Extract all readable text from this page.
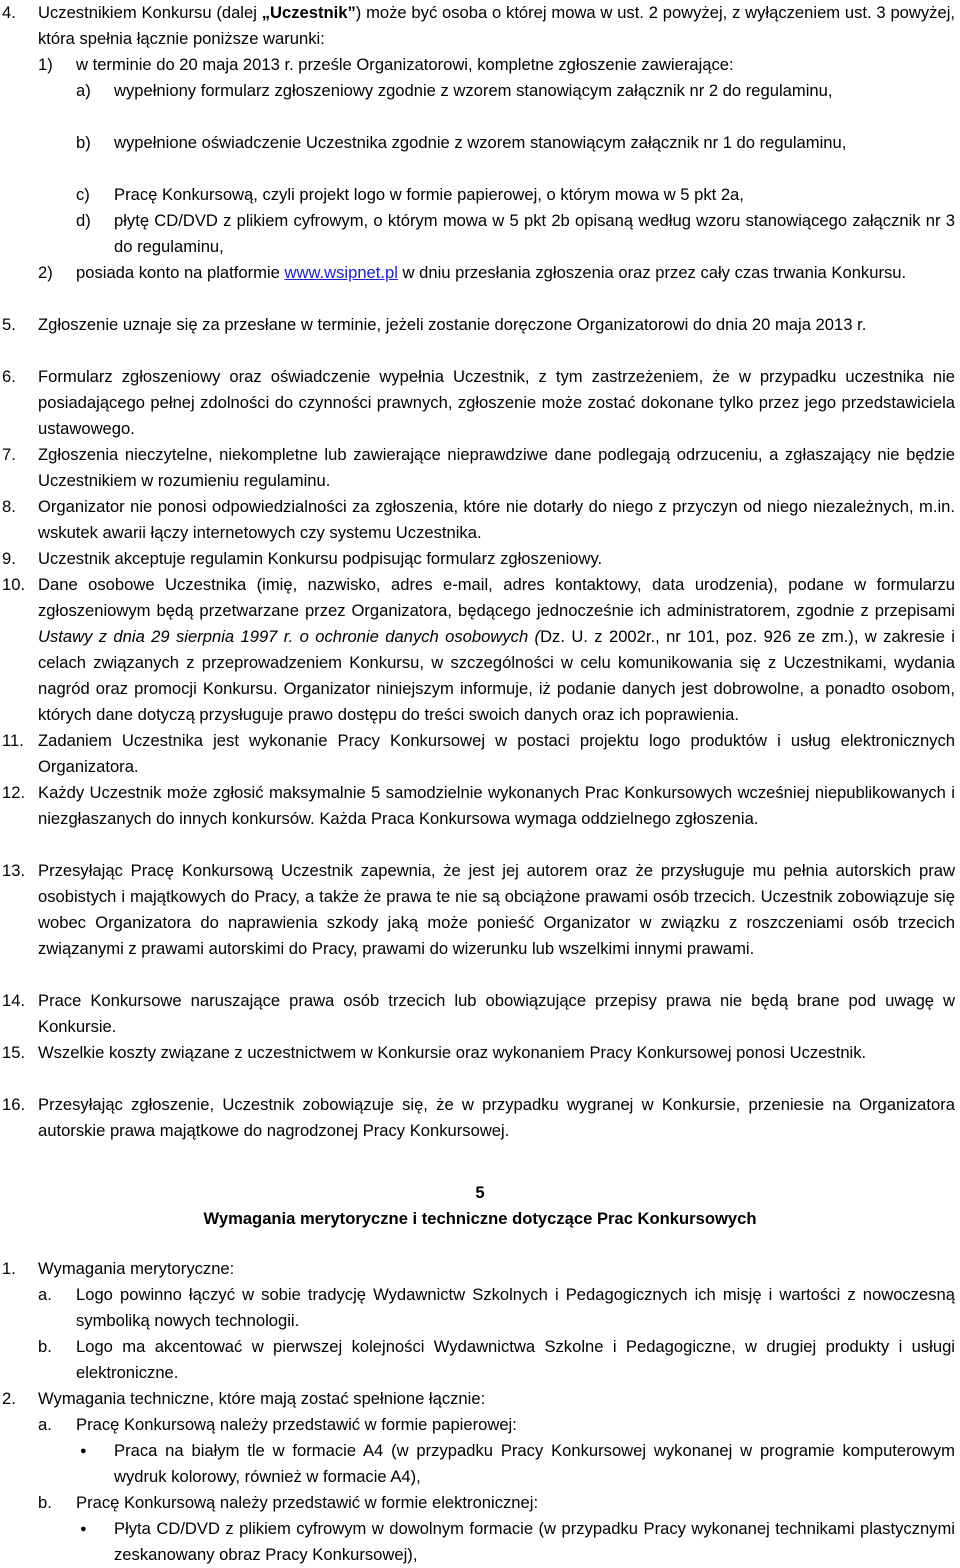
4. Uczestnikiem Konkursu (dalej „Uczestnik”) może być osoba o której mowa w ust. 2 powyżej, z wyłączeniem ust. 3 powyżej, która spełnia łącznie poniższe warunki:
1) w terminie do 20 maja 2013 r. prześle Organizatorowi, kompletne zgłoszenie zawierające:
a) wypełniony formularz zgłoszeniowy zgodnie z wzorem stanowiącym załącznik nr 2 do regulaminu,
b) wypełnione oświadczenie Uczestnika zgodnie z wzorem stanowiącym załącznik nr 1 do regulaminu,
c) Pracę Konkursową, czyli projekt logo w formie papierowej, o którym mowa w 5 pkt 2a,
d) płytę CD/DVD z plikiem cyfrowym, o którym mowa w 5 pkt 2b opisaną według wzoru stanowiącego załącznik nr 3 do regulaminu,
2) posiada konto na platformie www.wsipnet.pl w dniu przesłania zgłoszenia oraz przez cały czas trwania Konkursu.
5. Zgłoszenie uznaje się za przesłane w terminie, jeżeli zostanie doręczone Organizatorowi do dnia 20 maja 2013 r.
6. Formularz zgłoszeniowy oraz oświadczenie wypełnia Uczestnik, z tym zastrzeżeniem, że w przypadku uczestnika nie posiadającego pełnej zdolności do czynności prawnych, zgłoszenie może zostać dokonane tylko przez jego przedstawiciela ustawowego.
7. Zgłoszenia nieczytelne, niekompletne lub zawierające nieprawdziwe dane podlegają odrzuceniu, a zgłaszający nie będzie Uczestnikiem w rozumieniu regulaminu.
8. Organizator nie ponosi odpowiedzialności za zgłoszenia, które nie dotarły do niego z przyczyn od niego niezależnych, m.in. wskutek awarii łączy internetowych czy systemu Uczestnika.
9. Uczestnik akceptuje regulamin Konkursu podpisując formularz zgłoszeniowy.
10. Dane osobowe Uczestnika (imię, nazwisko, adres e-mail, adres kontaktowy, data urodzenia), podane w formularzu zgłoszeniowym będą przetwarzane przez Organizatora, będącego jednocześnie ich administratorem, zgodnie z przepisami Ustawy z dnia 29 sierpnia 1997 r. o ochronie danych osobowych (Dz. U. z 2002r., nr 101, poz. 926 ze zm.), w zakresie i celach związanych z przeprowadzeniem Konkursu, w szczególności w celu komunikowania się z Uczestnikami, wydania nagród oraz promocji Konkursu. Organizator niniejszym informuje, iż podanie danych jest dobrowolne, a ponadto osobom, których dane dotyczą przysługuje prawo dostępu do treści swoich danych oraz ich poprawienia.
11. Zadaniem Uczestnika jest wykonanie Pracy Konkursowej w postaci projektu logo produktów i usług elektronicznych Organizatora.
12. Każdy Uczestnik może zgłosić maksymalnie 5 samodzielnie wykonanych Prac Konkursowych wcześniej niepublikowanych i niezgłaszanych do innych konkursów. Każda Praca Konkursowa wymaga oddzielnego zgłoszenia.
13. Przesyłając Pracę Konkursową Uczestnik zapewnia, że jest jej autorem oraz że przysługuje mu pełnia autorskich praw osobistych i majątkowych do Pracy, a także że prawa te nie są obciążone prawami osób trzecich. Uczestnik zobowiązuje się wobec Organizatora do naprawienia szkody jaką może ponieść Organizator w związku z roszczeniami osób trzecich związanymi z prawami autorskimi do Pracy, prawami do wizerunku lub wszelkimi innymi prawami.
14. Prace Konkursowe naruszające prawa osób trzecich lub obowiązujące przepisy prawa nie będą brane pod uwagę w Konkursie.
15. Wszelkie koszty związane z uczestnictwem w Konkursie oraz wykonaniem Pracy Konkursowej ponosi Uczestnik.
16. Przesyłając zgłoszenie, Uczestnik zobowiązuje się, że w przypadku wygranej w Konkursie, przeniesie na Organizatora autorskie prawa majątkowe do nagrodzonej Pracy Konkursowej.
5
Wymagania merytoryczne i techniczne dotyczące Prac Konkursowych
1. Wymagania merytoryczne:
a. Logo powinno łączyć w sobie tradycję Wydawnictw Szkolnych i Pedagogicznych ich misję i wartości z nowoczesną symboliką nowych technologii.
b. Logo ma akcentować w pierwszej kolejności Wydawnictwa Szkolne i Pedagogiczne, w drugiej produkty i usługi elektroniczne.
2. Wymagania techniczne, które mają zostać spełnione łącznie:
a. Pracę Konkursową należy przedstawić w formie papierowej:
● Praca na białym tle w formacie A4 (w przypadku Pracy Konkursowej wykonanej w programie komputerowym wydruk kolorowy, również w formacie A4),
b. Pracę Konkursową należy przedstawić w formie elektronicznej:
● Płyta CD/DVD z plikiem cyfrowym w dowolnym formacie (w przypadku Pracy wykonanej technikami plastycznymi zeskanowany obraz Pracy Konkursowej),
